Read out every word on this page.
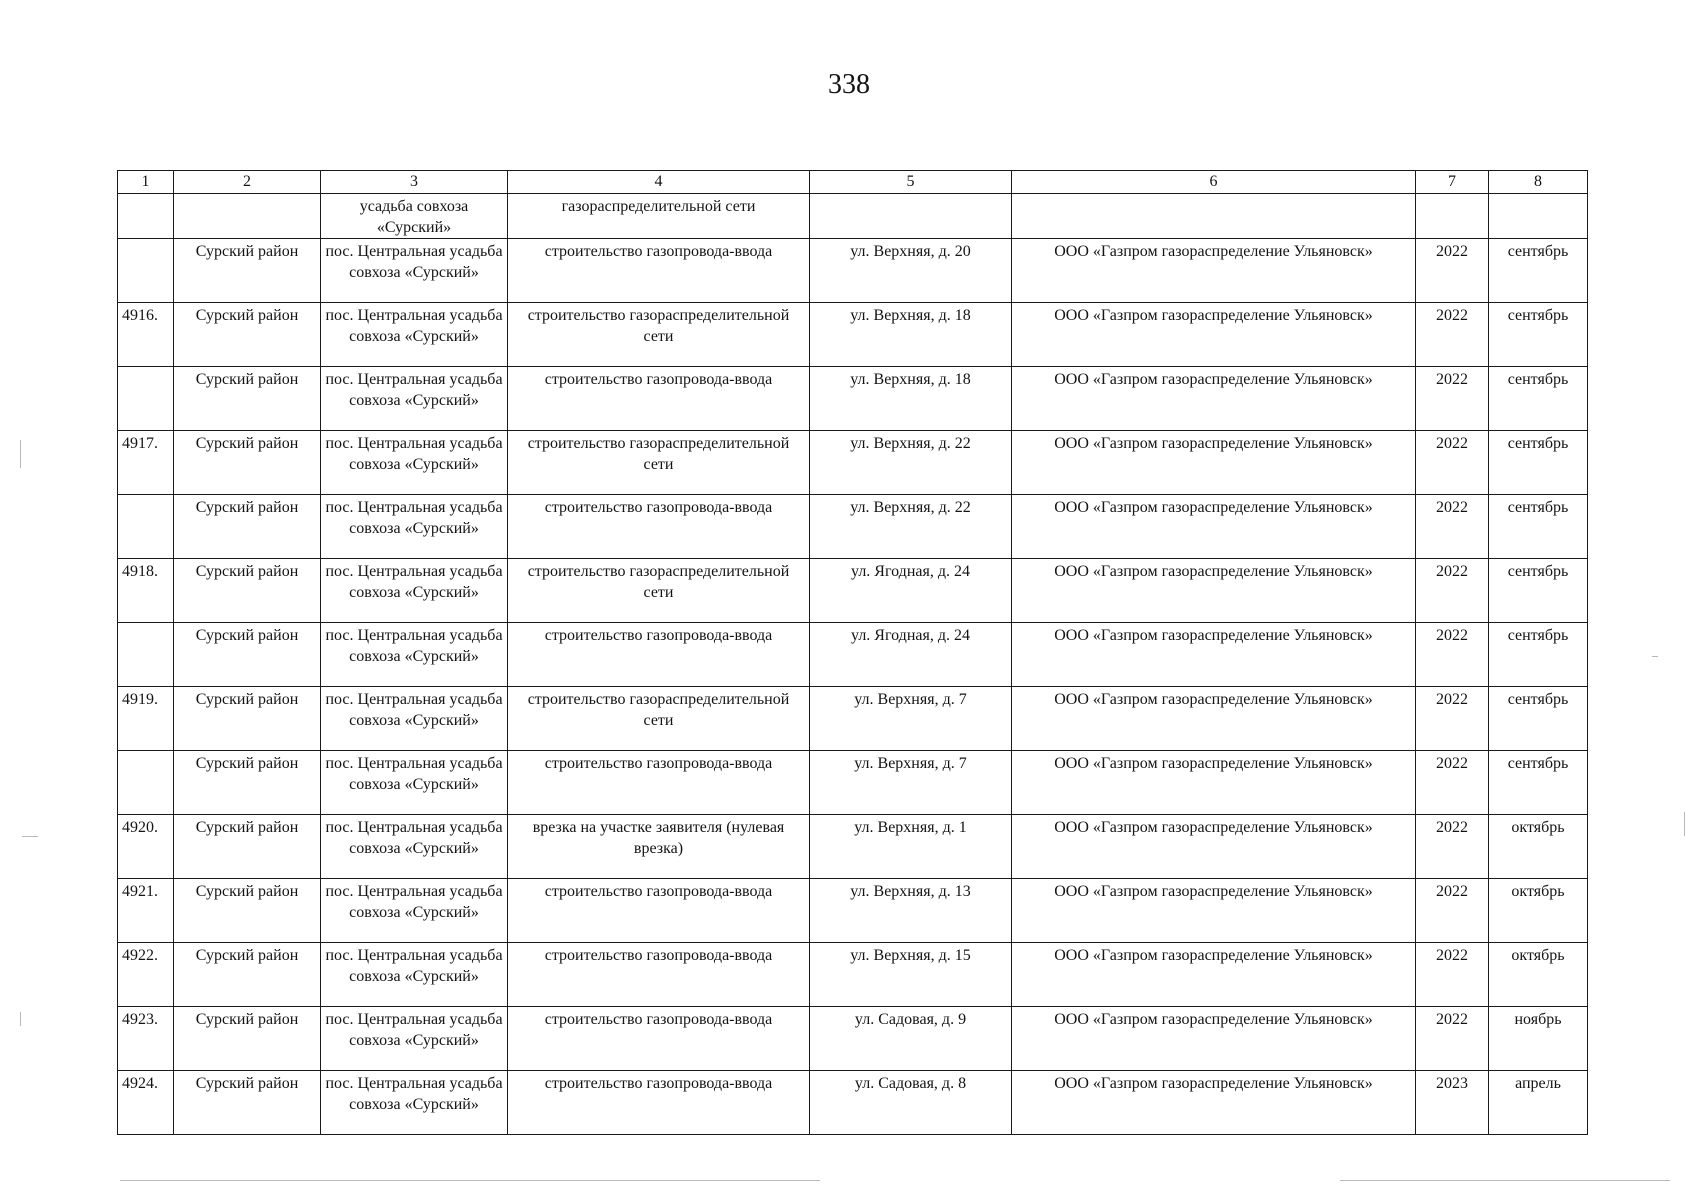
338
1	2	3	4	5	6	7	8
		усадьба совхоза «Сурский»	газораспределительной сети				
	Сурский район	пос. Центральная усадьба совхоза «Сурский»	строительство газопровода-ввода	ул. Верхняя, д. 20	ООО «Газпром газораспределение Ульяновск»	2022	сентябрь
4916.	Сурский район	пос. Центральная усадьба совхоза «Сурский»	строительство газораспределительной сети	ул. Верхняя, д. 18	ООО «Газпром газораспределение Ульяновск»	2022	сентябрь
	Сурский район	пос. Центральная усадьба совхоза «Сурский»	строительство газопровода-ввода	ул. Верхняя, д. 18	ООО «Газпром газораспределение Ульяновск»	2022	сентябрь
4917.	Сурский район	пос. Центральная усадьба совхоза «Сурский»	строительство газораспределительной сети	ул. Верхняя, д. 22	ООО «Газпром газораспределение Ульяновск»	2022	сентябрь
	Сурский район	пос. Центральная усадьба совхоза «Сурский»	строительство газопровода-ввода	ул. Верхняя, д. 22	ООО «Газпром газораспределение Ульяновск»	2022	сентябрь
4918.	Сурский район	пос. Центральная усадьба совхоза «Сурский»	строительство газораспределительной сети	ул. Ягодная, д. 24	ООО «Газпром газораспределение Ульяновск»	2022	сентябрь
	Сурский район	пос. Центральная усадьба совхоза «Сурский»	строительство газопровода-ввода	ул. Ягодная, д. 24	ООО «Газпром газораспределение Ульяновск»	2022	сентябрь
4919.	Сурский район	пос. Центральная усадьба совхоза «Сурский»	строительство газораспределительной сети	ул. Верхняя, д. 7	ООО «Газпром газораспределение Ульяновск»	2022	сентябрь
	Сурский район	пос. Центральная усадьба совхоза «Сурский»	строительство газопровода-ввода	ул. Верхняя, д. 7	ООО «Газпром газораспределение Ульяновск»	2022	сентябрь
4920.	Сурский район	пос. Центральная усадьба совхоза «Сурский»	врезка на участке заявителя (нулевая врезка)	ул. Верхняя, д. 1	ООО «Газпром газораспределение Ульяновск»	2022	октябрь
4921.	Сурский район	пос. Центральная усадьба совхоза «Сурский»	строительство газопровода-ввода	ул. Верхняя, д. 13	ООО «Газпром газораспределение Ульяновск»	2022	октябрь
4922.	Сурский район	пос. Центральная усадьба совхоза «Сурский»	строительство газопровода-ввода	ул. Верхняя, д. 15	ООО «Газпром газораспределение Ульяновск»	2022	октябрь
4923.	Сурский район	пос. Центральная усадьба совхоза «Сурский»	строительство газопровода-ввода	ул. Садовая, д. 9	ООО «Газпром газораспределение Ульяновск»	2022	ноябрь
4924.	Сурский район	пос. Центральная усадьба совхоза «Сурский»	строительство газопровода-ввода	ул. Садовая, д. 8	ООО «Газпром газораспределение Ульяновск»	2023	апрель
